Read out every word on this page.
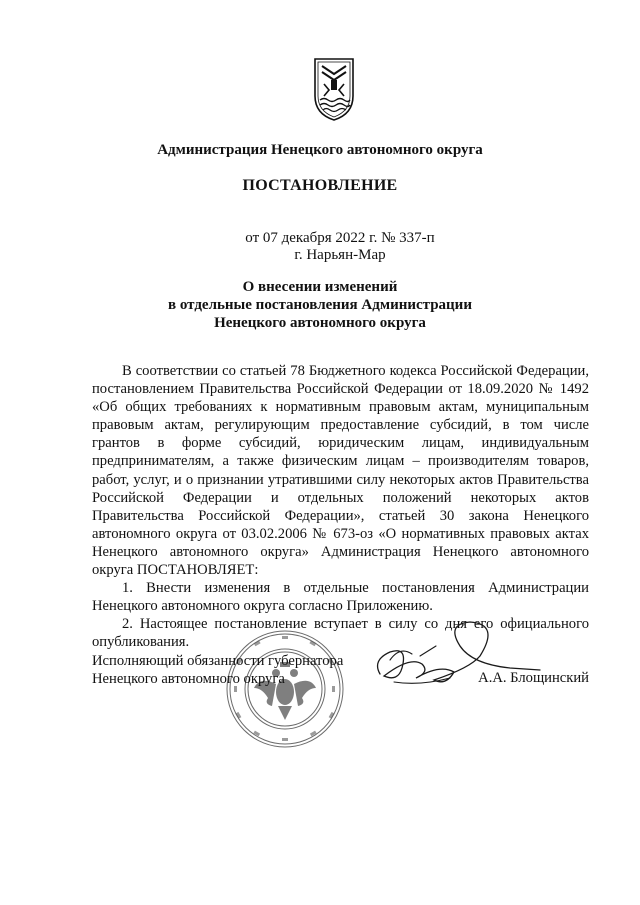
Администрация Ненецкого автономного округа
ПОСТАНОВЛЕНИЕ
от 07 декабря 2022 г. № 337-п
г. Нарьян-Мар
О внесении изменений
в отдельные постановления Администрации
Ненецкого автономного округа

В соответствии со статьей 78 Бюджетного кодекса Российской Федерации, постановлением Правительства Российской Федерации от 18.09.2020 № 1492 «Об общих требованиях к нормативным правовым актам, муниципальным правовым актам, регулирующим предоставление субсидий, в том числе грантов в форме субсидий, юридическим лицам, индивидуальным предпринимателям, а также физическим лицам – производителям товаров, работ, услуг, и о признании утратившими силу некоторых актов Правительства Российской Федерации и отдельных положений некоторых актов Правительства Российской Федерации», статьей 30 закона Ненецкого автономного округа от 03.02.2006 № 673-оз «О нормативных правовых актах Ненецкого автономного округа» Администрация Ненецкого автономного округа ПОСТАНОВЛЯЕТ:

1. Внести изменения в отдельные постановления Администрации Ненецкого автономного округа согласно Приложению.

2. Настоящее постановление вступает в силу со дня его официального опубликования.

Исполняющий обязанности губернатора
Ненецкого автономного округа	А.А. Блощинский
